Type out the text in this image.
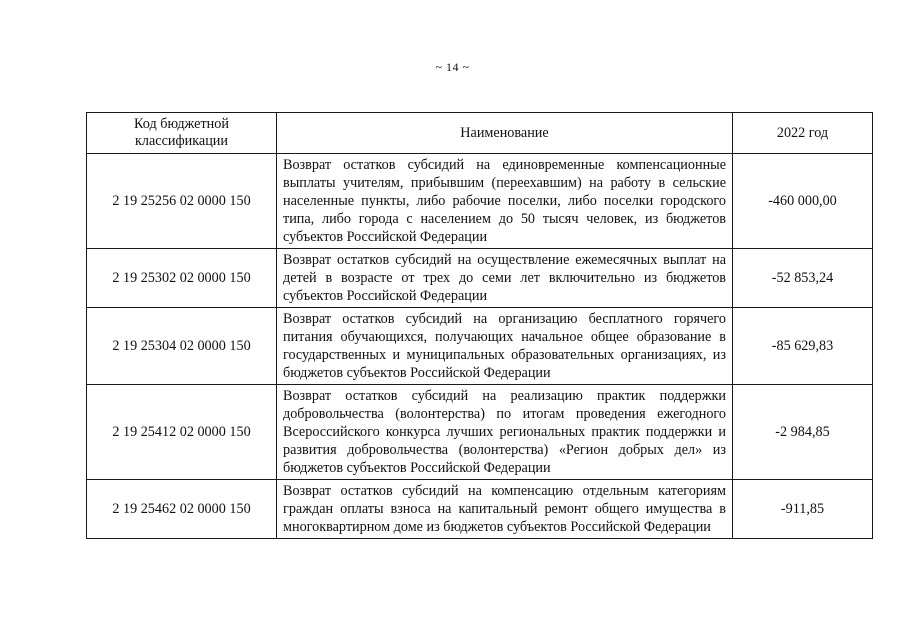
~ 14 ~
Код бюджетной классификации	Наименование	2022 год
2 19 25256 02 0000 150	Возврат остатков субсидий на единовременные компенсационные выплаты учителям, прибывшим (переехавшим) на работу в сельские населенные пункты, либо рабочие поселки, либо поселки городского типа, либо города с населением до 50 тысяч человек, из бюджетов субъектов Российской Федерации	-460 000,00
2 19 25302 02 0000 150	Возврат остатков субсидий на осуществление ежемесячных выплат на детей в возрасте от трех до семи лет включительно из бюджетов субъектов Российской Федерации	-52 853,24
2 19 25304 02 0000 150	Возврат остатков субсидий на организацию бесплатного горячего питания обучающихся, получающих начальное общее образование в государственных и муниципальных образовательных организациях, из бюджетов субъектов Российской Федерации	-85 629,83
2 19 25412 02 0000 150	Возврат остатков субсидий на реализацию практик поддержки добровольчества (волонтерства) по итогам проведения ежегодного Всероссийского конкурса лучших региональных практик поддержки и развития добровольчества (волонтерства) «Регион добрых дел» из бюджетов субъектов Российской Федерации	-2 984,85
2 19 25462 02 0000 150	Возврат остатков субсидий на компенсацию отдельным категориям граждан оплаты взноса на капитальный ремонт общего имущества в многоквартирном доме из бюджетов субъектов Российской Федерации	-911,85
